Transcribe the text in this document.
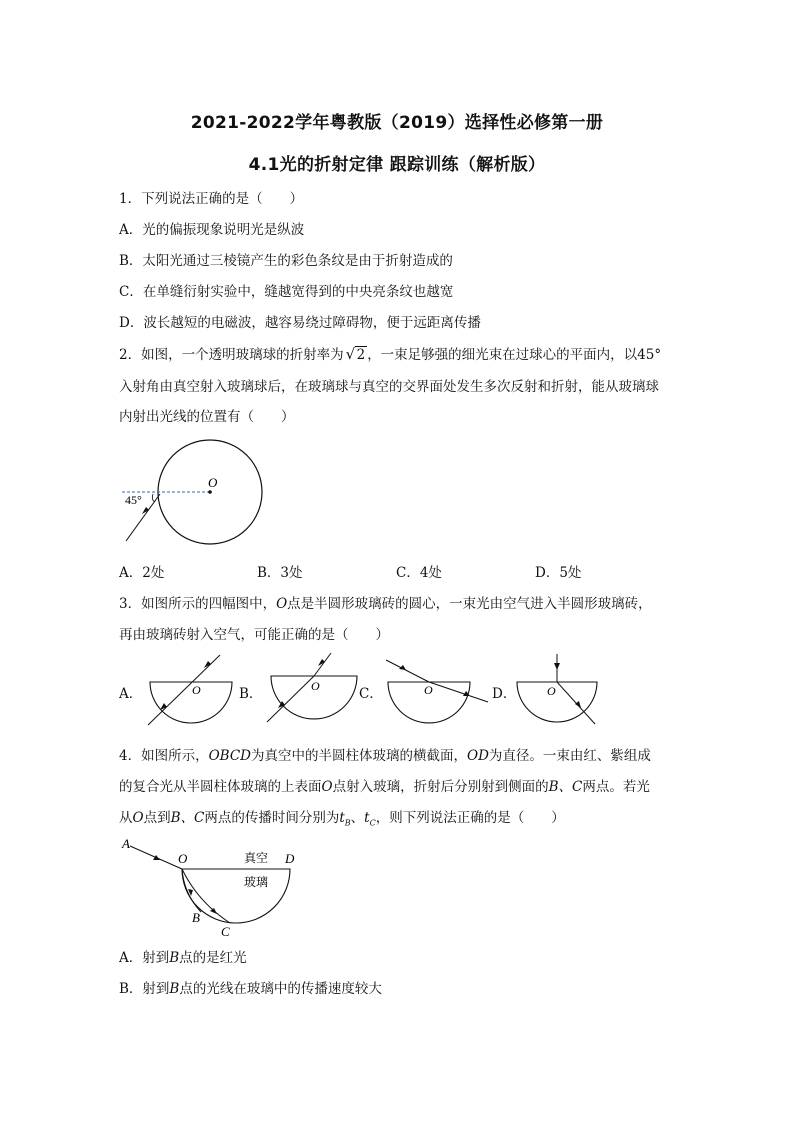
2021-2022学年粤教版（2019）选择性必修第一册
4.1光的折射定律 跟踪训练（解析版）
1．下列说法正确的是（　　）
A．光的偏振现象说明光是纵波
B．太阳光通过三棱镜产生的彩色条纹是由于折射造成的
C．在单缝衍射实验中，缝越宽得到的中央亮条纹也越宽
D．波长越短的电磁波，越容易绕过障碍物，便于远距离传播
2．如图，一个透明玻璃球的折射率为 √ 2 ，一束足够强的细光束在过球心的平面内，以45°
入射角由真空射入玻璃球后，在玻璃球与真空的交界面处发生多次反射和折射，能从玻璃球
内射出光线的位置有（　　）
45°
O
A．2处	B．3处	C．4处	D．5处
3．如图所示的四幅图中，O点是半圆形玻璃砖的圆心，一束光由空气进入半圆形玻璃砖，
再由玻璃砖射入空气，可能正确的是（　　）
A．	O	B．	O	C．	O	D．	O
4．如图所示，OBCD为真空中的半圆柱体玻璃的横截面，OD为直径。一束由红、紫组成
的复合光从半圆柱体玻璃的上表面O点射入玻璃，折射后分别射到侧面的B、C两点。若光
从O点到B、C两点的传播时间分别为$t_B$、$t_C$，则下列说法正确的是（　　）
A
O	真空 D
玻璃
B
C
A．射到B点的是红光
B．射到B点的光线在玻璃中的传播速度较大
